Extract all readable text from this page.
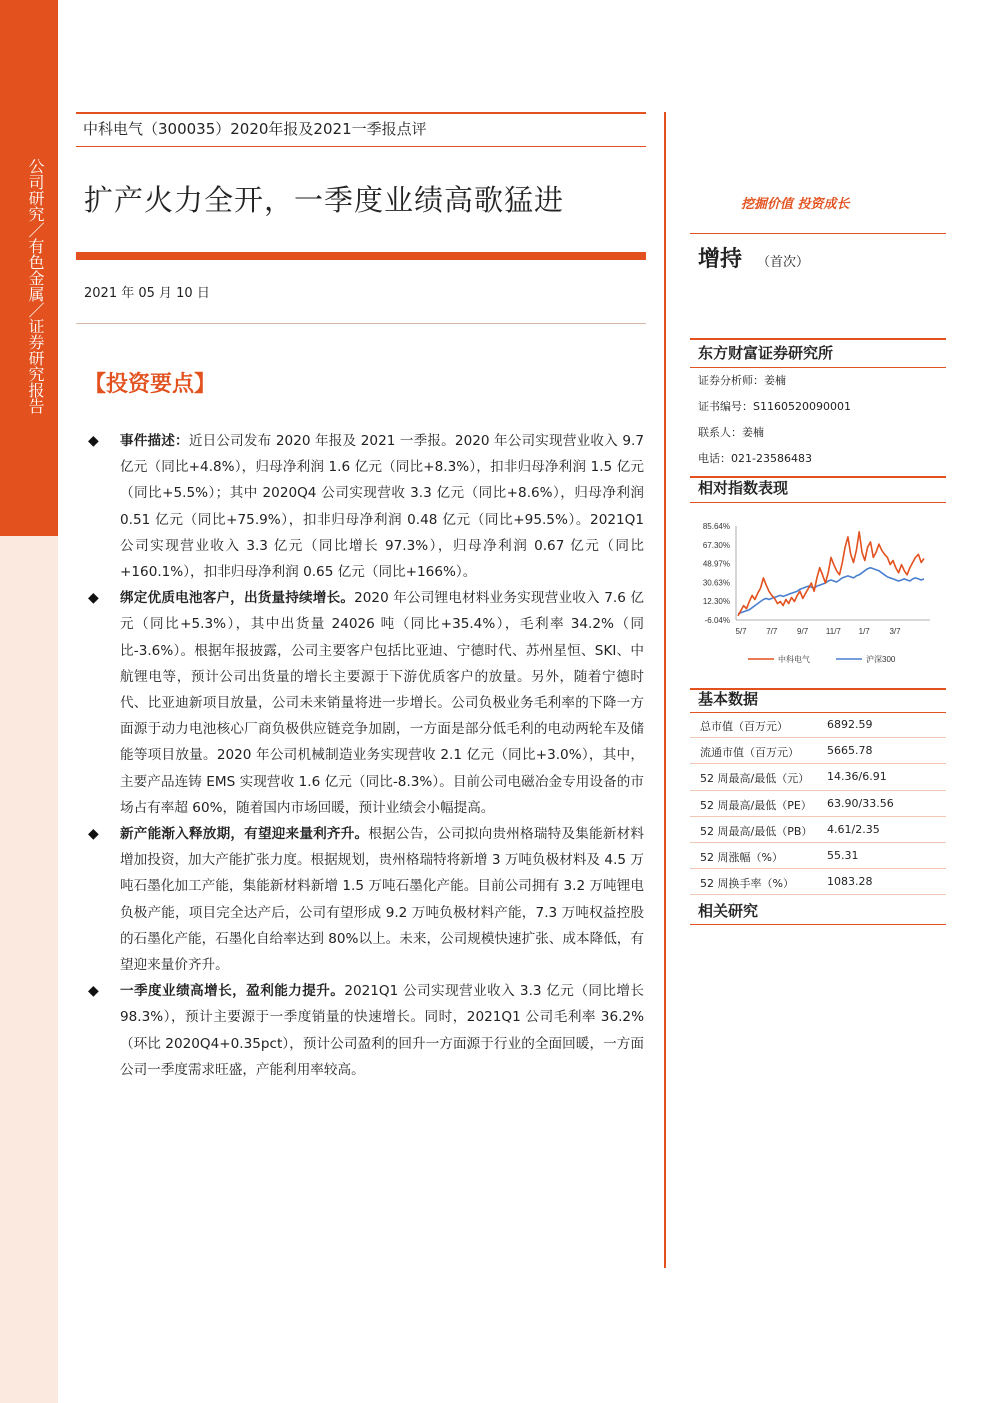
公司研究／有色金属／证券研究报告
中科电气（300035）2020年报及2021一季报点评
扩产火力全开，一季度业绩高歌猛进
2021 年 05 月 10 日
【投资要点】
◆ 事件描述：近日公司发布 2020 年报及 2021 一季报。2020 年公司实现营业收入 9.7 亿元（同比+4.8%），归母净利润 1.6 亿元（同比+8.3%），扣非归母净利润 1.5 亿元（同比+5.5%）；其中 2020Q4 公司实现营收 3.3 亿元（同比+8.6%），归母净利润 0.51 亿元（同比+75.9%），扣非归母净利润 0.48 亿元（同比+95.5%）。2021Q1 公司实现营业收入 3.3 亿元（同比增长 97.3%），归母净利润 0.67 亿元（同比+160.1%），扣非归母净利润 0.65 亿元（同比+166%）。
◆ 绑定优质电池客户，出货量持续增长。2020 年公司锂电材料业务实现营业收入 7.6 亿元（同比+5.3%），其中出货量 24026 吨（同比+35.4%），毛利率 34.2%（同比-3.6%）。根据年报披露，公司主要客户包括比亚迪、宁德时代、苏州星恒、SKI、中航锂电等，预计公司出货量的增长主要源于下游优质客户的放量。另外，随着宁德时代、比亚迪新项目放量，公司未来销量将进一步增长。公司负极业务毛利率的下降一方面源于动力电池核心厂商负极供应链竞争加剧，一方面是部分低毛利的电动两轮车及储能等项目放量。2020 年公司机械制造业务实现营收 2.1 亿元（同比+3.0%），其中，主要产品连铸 EMS 实现营收 1.6 亿元（同比-8.3%）。目前公司电磁冶金专用设备的市场占有率超 60%，随着国内市场回暖，预计业绩会小幅提高。
◆ 新产能渐入释放期，有望迎来量利齐升。根据公告，公司拟向贵州格瑞特及集能新材料增加投资，加大产能扩张力度。根据规划，贵州格瑞特将新增 3 万吨负极材料及 4.5 万吨石墨化加工产能，集能新材料新增 1.5 万吨石墨化产能。目前公司拥有 3.2 万吨锂电负极产能，项目完全达产后，公司有望形成 9.2 万吨负极材料产能，7.3 万吨权益控股的石墨化产能，石墨化自给率达到 80%以上。未来，公司规模快速扩张、成本降低，有望迎来量价齐升。
◆ 一季度业绩高增长，盈利能力提升。2021Q1 公司实现营业收入 3.3 亿元（同比增长 98.3%），预计主要源于一季度销量的快速增长。同时，2021Q1 公司毛利率 36.2%（环比 2020Q4+0.35pct），预计公司盈利的回升一方面源于行业的全面回暖，一方面公司一季度需求旺盛，产能利用率较高。
挖掘价值 投资成长
增持 （首次）
东方财富证券研究所
证券分析师：姜楠
证书编号：S1160520090001
联系人：姜楠
电话：021-23586483
相对指数表现
85.64%
67.30%
48.97%
30.63%
12.30%
-6.04%
5/7 7/7 9/7 11/7 1/7 3/7
中科电气	沪深300
基本数据
总市值（百万元）	6892.59
流通市值（百万元）	5665.78
52 周最高/最低（元） 14.36/6.91
52 周最高/最低（PE） 63.90/33.56
52 周最高/最低（PB） 4.61/2.35
52 周涨幅（%）	55.31
52 周换手率（%）	1083.28
相关研究
